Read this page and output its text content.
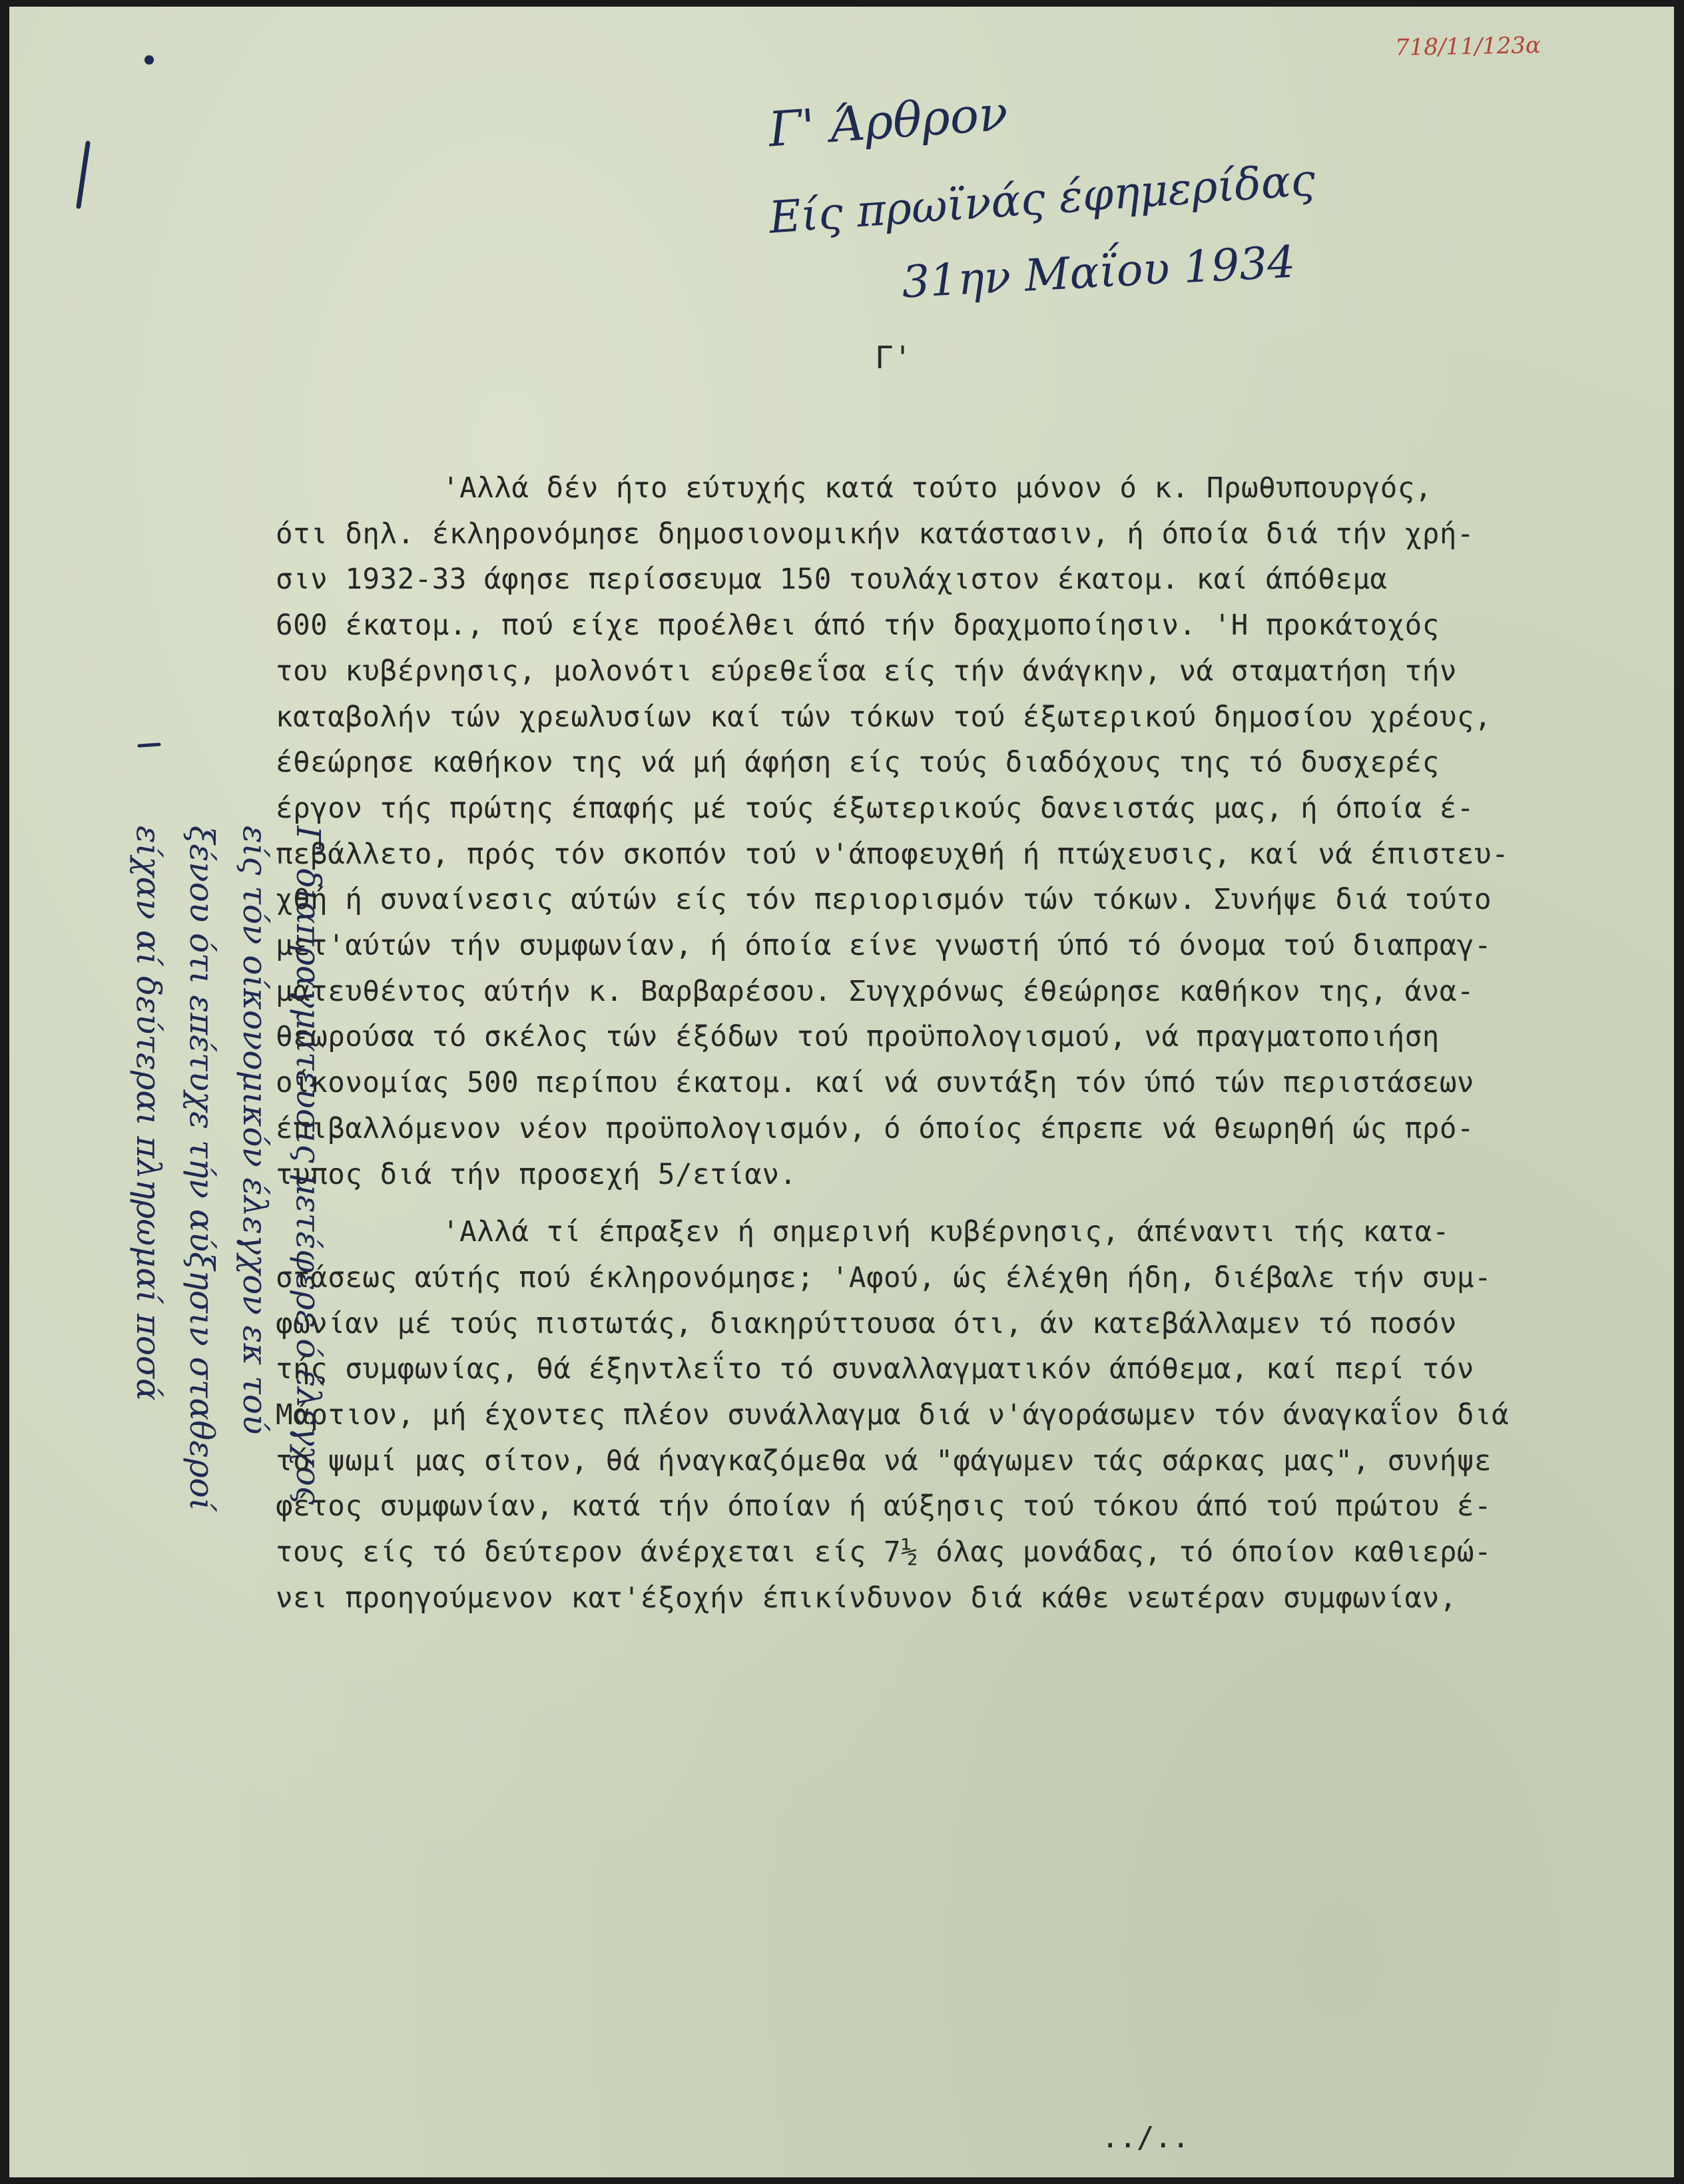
718/11/123α
Γ' Άρθρον
Είς πρωϊνάς έφημερίδας
31ην Μαΐου 1934
Γ'
Γ' διαπραγμάτευσις μετέφερε ό έλεγχος
είς τόν οίκονομικόν έλεγχον εκ τού
ξένου ότι επέτυχε τήν αύξησιν σταθεροί
είχαν αί δεύτεραι πληρωμαί ποσά
'Αλλά δέν ήτο εύτυχής κατά τούτο μόνον ό κ. Πρωθυπουργός,
ότι δηλ. έκληρονόμησε δημοσιονομικήν κατάστασιν, ή όποία διά τήν χρή-
σιν 1932-33 άφησε περίσσευμα 150 τουλάχιστον έκατομ. καί άπόθεμα
600 έκατομ., πού είχε προέλθει άπό τήν δραχμοποίησιν. 'Η προκάτοχός
του κυβέρνησις, μολονότι εύρεθεΐσα είς τήν άνάγκην, νά σταματήση τήν
καταβολήν τών χρεωλυσίων καί τών τόκων τού έξωτερικού δημοσίου χρέους,
έθεώρησε καθήκον της νά μή άφήση είς τούς διαδόχους της τό δυσχερές
έργον τής πρώτης έπαφής μέ τούς έξωτερικούς δανειστάς μας, ή όποία έ-
πεβάλλετο, πρός τόν σκοπόν τού ν'άποφευχθή ή πτώχευσις, καί νά έπιστευ-
χθή ή συναίνεσις αύτών είς τόν περιορισμόν τών τόκων. Συνήψε διά τούτο
μετ'αύτών τήν συμφωνίαν, ή όποία είνε γνωστή ύπό τό όνομα τού διαπραγ-
ματευθέντος αύτήν κ. Βαρβαρέσου. Συγχρόνως έθεώρησε καθήκον της, άνα-
θεωρούσα τό σκέλος τών έξόδων τού προϋπολογισμού, νά πραγματοποιήση
οίκονομίας 500 περίπου έκατομ. καί νά συντάξη τόν ύπό τών περιστάσεων
έπιβαλλόμενον νέον προϋπολογισμόν, ό όποίος έπρεπε νά θεωρηθή ώς πρό-
τυπος διά τήν προσεχή 5/ετίαν.
'Αλλά τί έπραξεν ή σημερινή κυβέρνησις, άπέναντι τής κατα-
στάσεως αύτής πού έκληρονόμησε; 'Αφού, ώς έλέχθη ήδη, διέβαλε τήν συμ-
φωνίαν μέ τούς πιστωτάς, διακηρύττουσα ότι, άν κατεβάλλαμεν τό ποσόν
τής συμφωνίας, θά έξηντλεΐτο τό συναλλαγματικόν άπόθεμα, καί περί τόν
Μάρτιον, μή έχοντες πλέον συνάλλαγμα διά ν'άγοράσωμεν τόν άναγκαΐον διά
τό ψωμί μας σίτον, θά ήναγκαζόμεθα νά "φάγωμεν τάς σάρκας μας", συνήψε
φέτος συμφωνίαν, κατά τήν όποίαν ή αύξησις τού τόκου άπό τού πρώτου έ-
τους είς τό δεύτερον άνέρχεται είς 7½ όλας μονάδας, τό όποίον καθιερώ-
νει προηγούμενον κατ'έξοχήν έπικίνδυνον διά κάθε νεωτέραν συμφωνίαν,
../..
